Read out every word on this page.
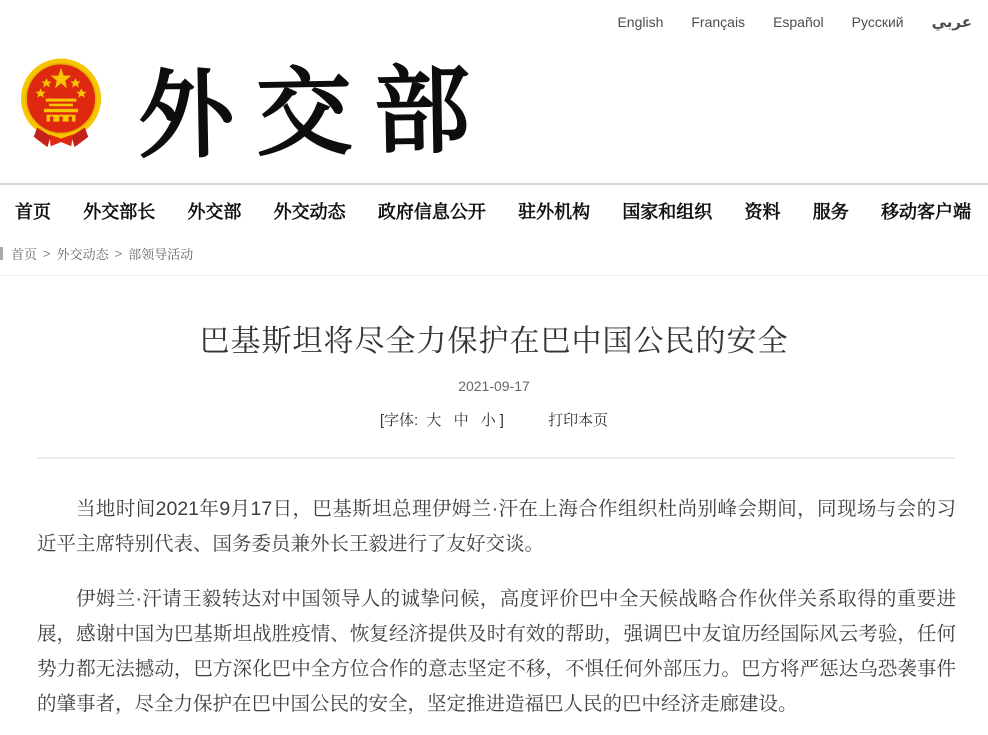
English Français Español Русский عربي
外交部
首页 外交部长 外交部 外交动态 政府信息公开 驻外机构 国家和组织 资料 服务 移动客户端
首页 > 外交动态 > 部领导活动
巴基斯坦将尽全力保护在巴中国公民的安全
2021-09-17
[字体: 大 中 小 ]	打印本页

当地时间2021年9月17日，巴基斯坦总理伊姆兰·汗在上海合作组织杜尚别峰会期间，同现场与会的习近平主席特别代表、国务委员兼外长王毅进行了友好交谈。

伊姆兰·汗请王毅转达对中国领导人的诚挚问候，高度评价巴中全天候战略合作伙伴关系取得的重要进展，感谢中国为巴基斯坦战胜疫情、恢复经济提供及时有效的帮助，强调巴中友谊历经国际风云考验，任何势力都无法撼动，巴方深化巴中全方位合作的意志坚定不移，不惧任何外部压力。巴方将严惩达乌恐袭事件的肇事者，尽全力保护在巴中国公民的安全，坚定推进造福巴人民的巴中经济走廊建设。
